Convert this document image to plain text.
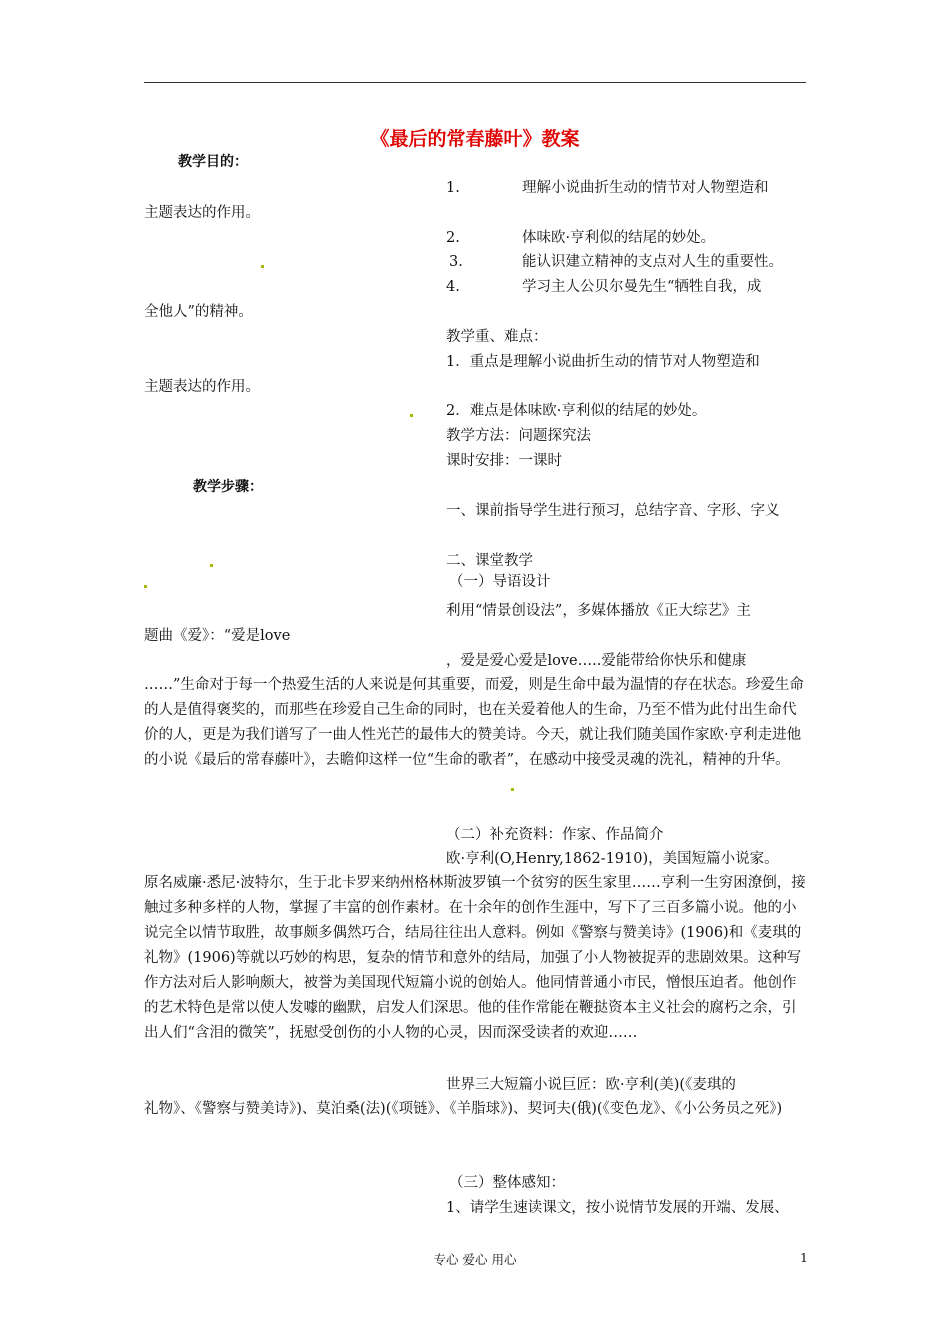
《最后的常春藤叶》教案
教学目的：
1.	理解小说曲折生动的情节对人物塑造和
主题表达的作用。
2.	体味欧·亨利似的结尾的妙处。
3.	能认识建立精神的支点对人生的重要性。
4.	学习主人公贝尔曼先生“牺牲自我，成
全他人”的精神。
教学重、难点：
1．重点是理解小说曲折生动的情节对人物塑造和
主题表达的作用。
2．难点是体味欧·亨利似的结尾的妙处。
教学方法：问题探究法
课时安排：一课时
教学步骤：
一、课前指导学生进行预习，总结字音、字形、字义
二、课堂教学
（一）导语设计
利用“情景创设法”，多媒体播放《正大综艺》主
题曲《爱》：“爱是love
，爱是爱心爱是love…..爱能带给你快乐和健康

……”生命对于每一个热爱生活的人来说是何其重要，而爱，则是生命中最为温情的存在状态。珍爱生命的人是值得褒奖的，而那些在珍爱自己生命的同时，也在关爱着他人的生命，乃至不惜为此付出生命代价的人，更是为我们谱写了一曲人性光芒的最伟大的赞美诗。今天，就让我们随美国作家欧·亨利走进他的小说《最后的常春藤叶》，去瞻仰这样一位“生命的歌者”，在感动中接受灵魂的洗礼，精神的升华。

（二）补充资料：作家、作品简介
欧·亨利(O,Henry,1862-1910)，美国短篇小说家。

原名威廉·悉尼·波特尔，生于北卡罗来纳州格林斯波罗镇一个贫穷的医生家里……亨利一生穷困潦倒，接触过多种多样的人物，掌握了丰富的创作素材。在十余年的创作生涯中，写下了三百多篇小说。他的小说完全以情节取胜，故事颇多偶然巧合，结局往往出人意料。例如《警察与赞美诗》(1906)和《麦琪的礼物》(1906)等就以巧妙的构思，复杂的情节和意外的结局，加强了小人物被捉弄的悲剧效果。这种写作方法对后人影响颇大，被誉为美国现代短篇小说的创始人。他同情普通小市民，憎恨压迫者。他创作的艺术特色是常以使人发噱的幽默，启发人们深思。他的佳作常能在鞭挞资本主义社会的腐朽之余，引出人们“含泪的微笑”，抚慰受创伤的小人物的心灵，因而深受读者的欢迎……

世界三大短篇小说巨匠：欧·亨利(美)(《麦琪的

礼物》、《警察与赞美诗》)、莫泊桑(法)(《项链》、《羊脂球》)、契诃夫(俄)(《变色龙》、《小公务员之死》)

（三）整体感知：
1、请学生速读课文，按小说情节发展的开端、发展、
专心 爱心 用心	1
